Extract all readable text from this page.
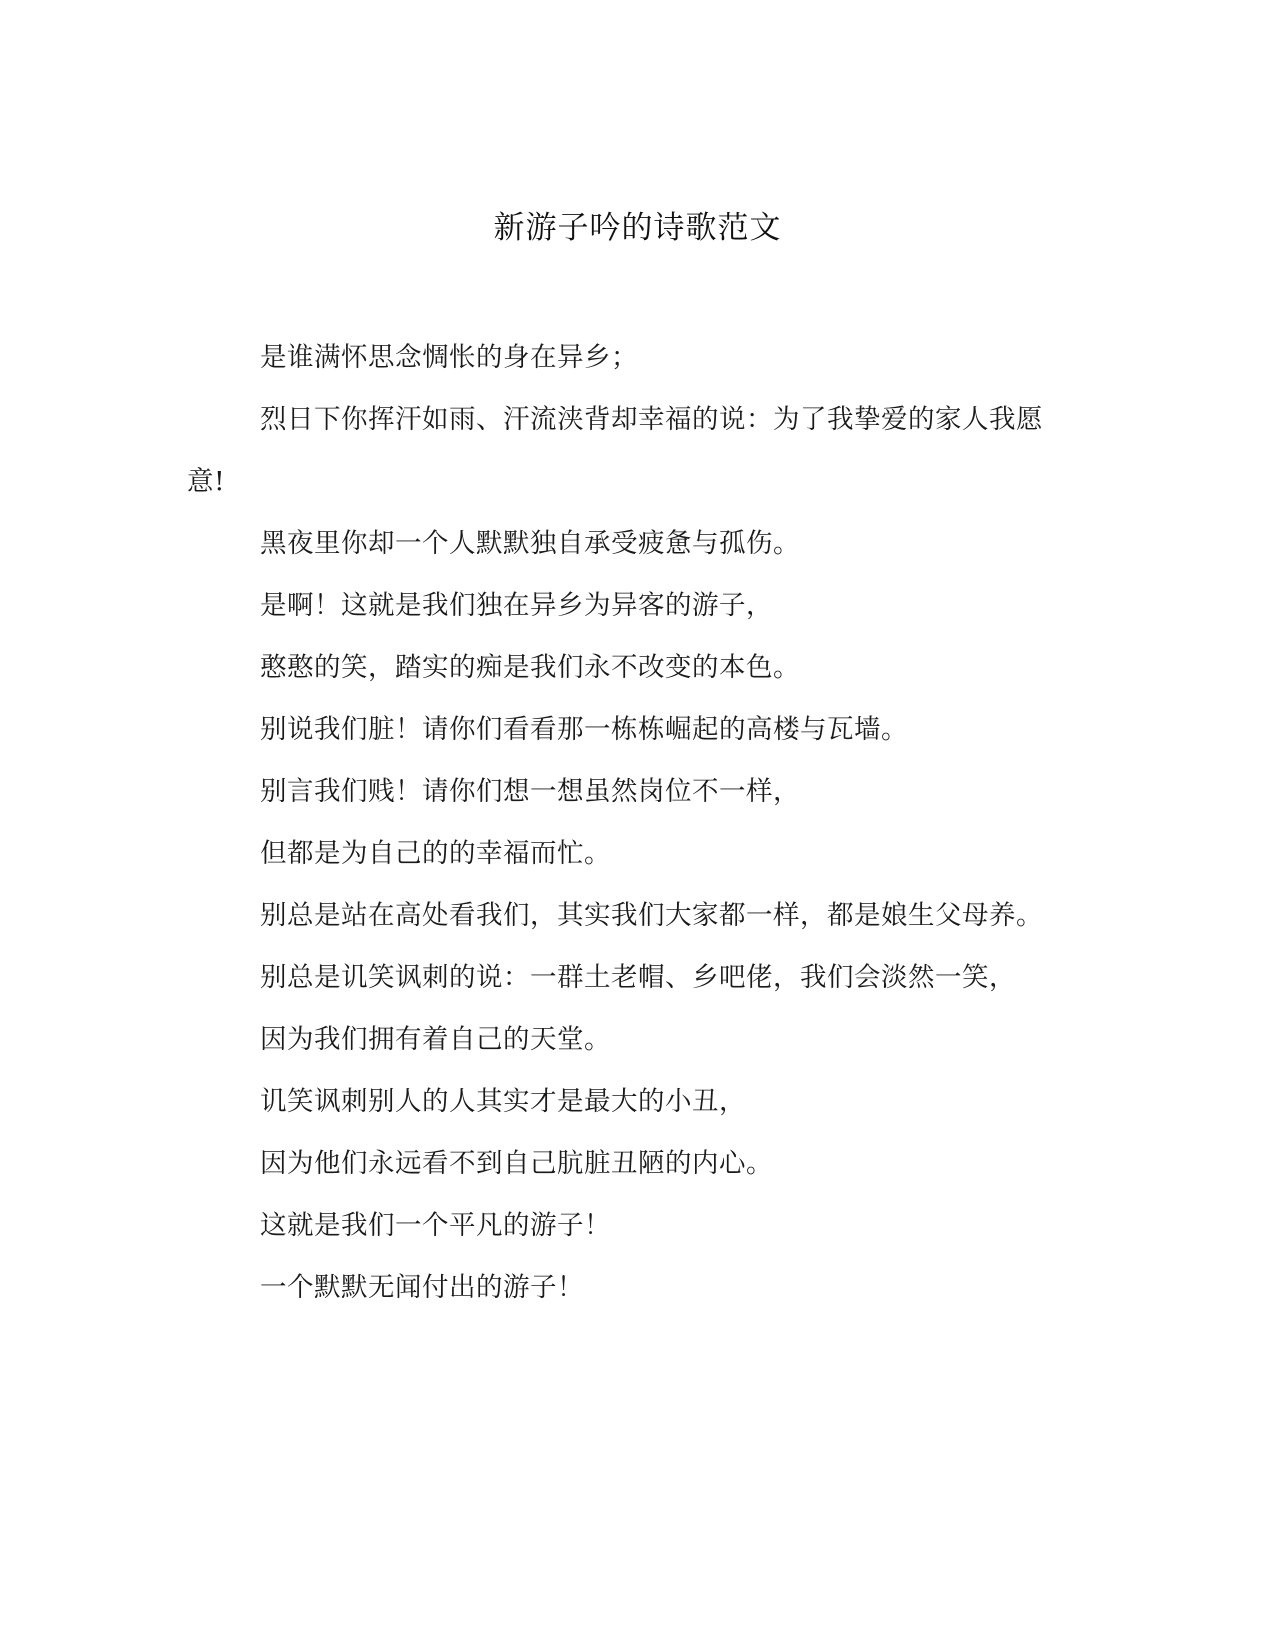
新游子吟的诗歌范文

是谁满怀思念惆怅的身在异乡；

烈日下你挥汗如雨、汗流浃背却幸福的说：为了我挚爱的家人我愿意!

黑夜里你却一个人默默独自承受疲惫与孤伤。

是啊！这就是我们独在异乡为异客的游子，

憨憨的笑，踏实的痴是我们永不改变的本色。

别说我们脏！请你们看看那一栋栋崛起的高楼与瓦墙。

别言我们贱！请你们想一想虽然岗位不一样，

但都是为自己的的幸福而忙。

别总是站在高处看我们，其实我们大家都一样，都是娘生父母养。

别总是讥笑讽刺的说：一群土老帽、乡吧佬，我们会淡然一笑，

因为我们拥有着自己的天堂。

讥笑讽刺别人的人其实才是最大的小丑，

因为他们永远看不到自己肮脏丑陋的内心。

这就是我们一个平凡的游子！

一个默默无闻付出的游子！
